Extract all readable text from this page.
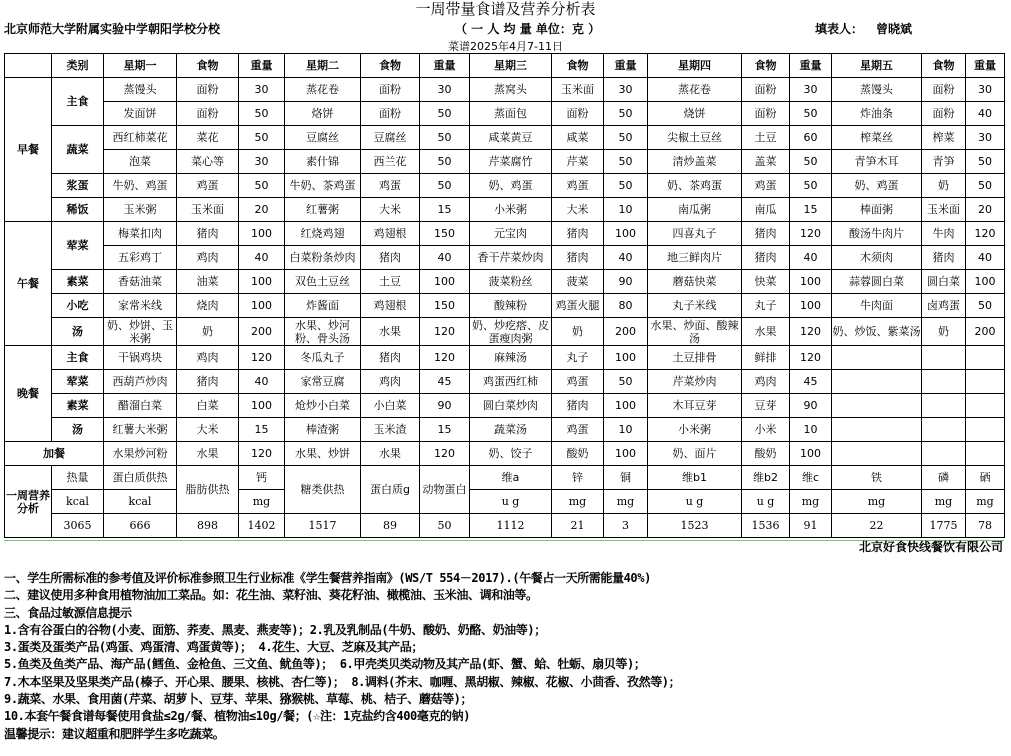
一周带量食谱及营养分析表
北京师范大学附属实验中学朝阳学校分校	（ 一 人 均 量 单位：克 ）	填表人： 曾晓斌
菜谱2025年4月7-11日
	类别	星期一	食物	重量	星期二	食物	重量	星期三	食物	重量	星期四	食物	重量	星期五	食物	重量
早餐	主食	蒸馒头	面粉	30	蒸花卷	面粉	30	蒸窝头	玉米面	30	蒸花卷	面粉	30	蒸馒头	面粉	30
		发面饼	面粉	50	烙饼	面粉	50	蒸面包	面粉	50	烧饼	面粉	50	炸油条	面粉	40
	蔬菜	西红柿菜花	菜花	50	豆腐丝	豆腐丝	50	咸菜黄豆	咸菜	50	尖椒土豆丝	土豆	60	榨菜丝	榨菜	30
		泡菜	菜心等	30	素什锦	西兰花	50	芹菜腐竹	芹菜	50	清炒盖菜	盖菜	50	青笋木耳	青笋	50
	浆蛋	牛奶、鸡蛋	鸡蛋	50	牛奶、茶鸡蛋	鸡蛋	50	奶、鸡蛋	鸡蛋	50	奶、茶鸡蛋	鸡蛋	50	奶、鸡蛋	奶	50
	稀饭	玉米粥	玉米面	20	红薯粥	大米	15	小米粥	大米	10	南瓜粥	南瓜	15	棒面粥	玉米面	20
午餐	荤菜	梅菜扣肉	猪肉	100	红烧鸡翅	鸡翅根	150	元宝肉	猪肉	100	四喜丸子	猪肉	120	酸汤牛肉片	牛肉	120
		五彩鸡丁	鸡肉	40	白菜粉条炒肉	猪肉	40	香干芹菜炒肉	猪肉	40	地三鲜肉片	猪肉	40	木须肉	猪肉	40
	素菜	香菇油菜	油菜	100	双色土豆丝	土豆	100	菠菜粉丝	菠菜	90	蘑菇快菜	快菜	100	蒜蓉圆白菜	圆白菜	100
	小吃	家常米线	烧肉	100	炸酱面	鸡翅根	150	酸辣粉	鸡蛋火腿	80	丸子米线	丸子	100	牛肉面	卤鸡蛋	50
	汤	奶、炒饼、玉米粥	奶	200	水果、炒河粉、骨头汤	水果	120	奶、炒疙瘩、皮蛋瘦肉粥	奶	200	水果、炒面、酸辣汤	水果	120	奶、炒饭、紫菜汤	奶	200
晚餐	主食	干锅鸡块	鸡肉	120	冬瓜丸子	猪肉	120	麻辣汤	丸子	100	土豆排骨	鲜排	120			
	荤菜	西葫芦炒肉	猪肉	40	家常豆腐	鸡肉	45	鸡蛋西红柿	鸡蛋	50	芹菜炒肉	鸡肉	45			
	素菜	醋溜白菜	白菜	100	炝炒小白菜	小白菜	90	圆白菜炒肉	猪肉	100	木耳豆芽	豆芽	90			
	汤	红薯大米粥	大米	15	棒渣粥	玉米渣	15	蔬菜汤	鸡蛋	10	小米粥	小米	10			
加餐		水果炒河粉	水果	120	水果、炒饼	水果	120	奶、饺子	酸奶	100	奶、面片	酸奶	100			
一周营养分析	热量	蛋白质供热	脂肪供热	钙	糖类供热	蛋白质g	动物蛋白	维a	锌	铜	维b1	维b2	维c	铁	磷	硒
	kcal	kcal		mg				u g	mg	mg	u g	u g	mg	mg	mg	mg
	3065	666	898	1402	1517	89	50	1112	21	3	1523	1536	91	22	1775	78
北京好食快线餐饮有限公司
一、学生所需标准的参考值及评价标准参照卫生行业标准《学生餐营养指南》(WS/T 554－2017).(午餐占一天所需能量40%)
二、建议使用多种食用植物油加工菜品。如：花生油、菜籽油、葵花籽油、橄榄油、玉米油、调和油等。
三、食品过敏源信息提示
1.含有谷蛋白的谷物(小麦、面筋、荞麦、黑麦、燕麦等)；2.乳及乳制品(牛奶、酸奶、奶酪、奶油等)；
3.蛋类及蛋类产品(鸡蛋、鸡蛋清、鸡蛋黄等)； 4.花生、大豆、芝麻及其产品；
5.鱼类及鱼类产品、海产品(鳕鱼、金枪鱼、三文鱼、鱿鱼等)； 6.甲壳类贝类动物及其产品(虾、蟹、蛤、牡蛎、扇贝等)；
7.木本坚果及坚果类产品(榛子、开心果、腰果、核桃、杏仁等)； 8.调料(芥末、咖喱、黑胡椒、辣椒、花椒、小茴香、孜然等)；
9.蔬菜、水果、食用菌(芹菜、胡萝卜、豆芽、苹果、猕猴桃、草莓、桃、桔子、蘑菇等)；
10.本套午餐食谱每餐使用食盐≤2g/餐、植物油≤10g/餐；(☆注：1克盐约含400毫克的钠)
温馨提示：建议超重和肥胖学生多吃蔬菜。
